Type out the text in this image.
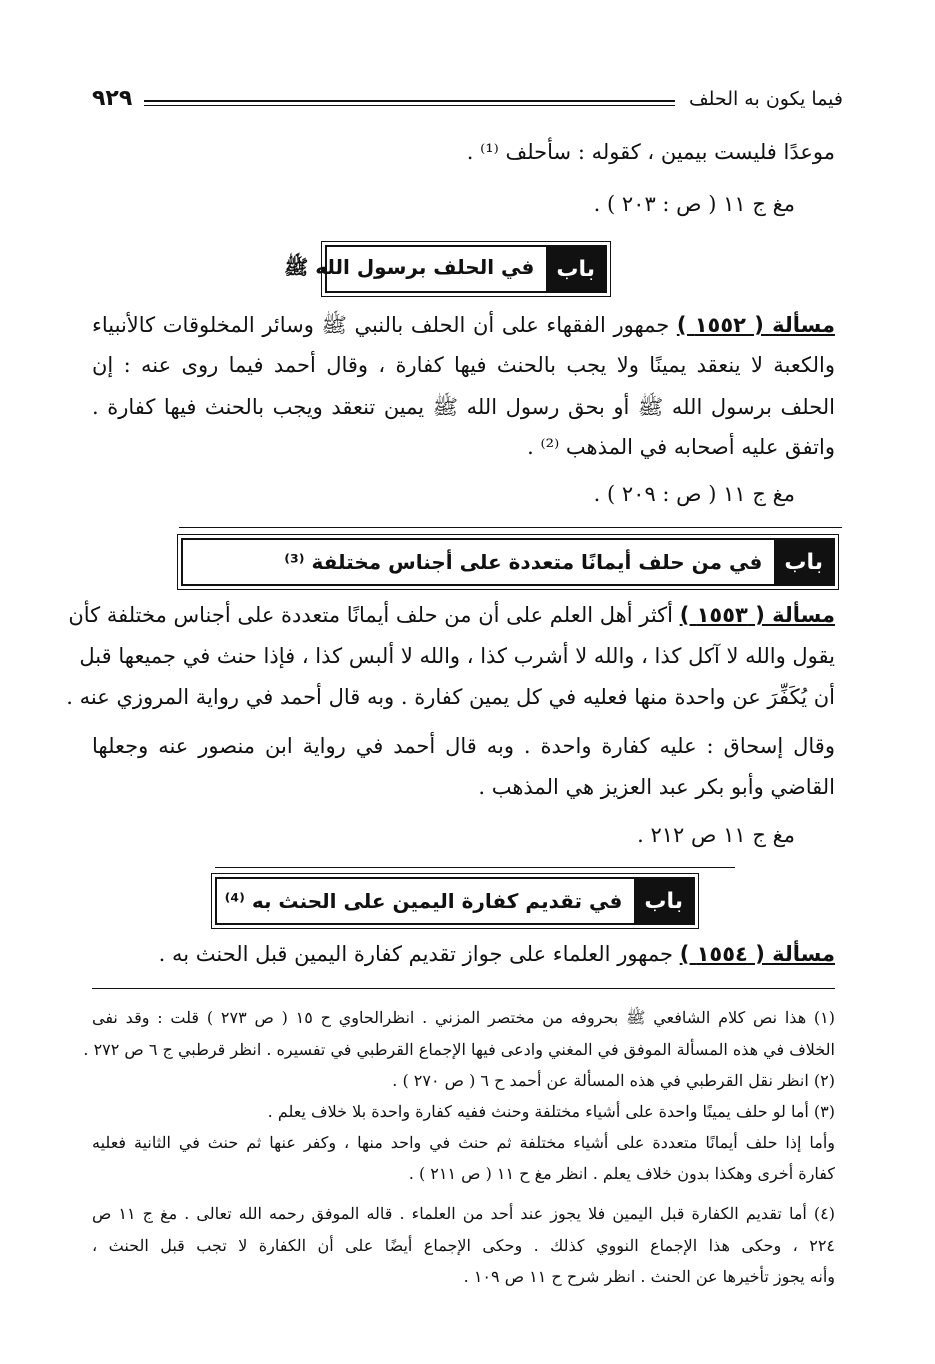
فيما يكون به الحلف
٩٢٩
موعدًا فليست بيمين ، كقوله : سأحلف ⁽¹⁾ .
مغ ج ١١ ( ص : ٢٠٣ ) .
باب
في الحلف برسول الله ﷺ
مسألة ( ١٥٥٢ ) جمهور الفقهاء على أن الحلف بالنبي ﷺ وسائر المخلوقات كالأنبياء
والكعبة لا ينعقد يمينًا ولا يجب بالحنث فيها كفارة ، وقال أحمد فيما روى عنه : إن
الحلف برسول الله ﷺ أو بحق رسول الله ﷺ يمين تنعقد ويجب بالحنث فيها كفارة .
واتفق عليه أصحابه في المذهب ⁽²⁾ .
مغ ج ١١ ( ص : ٢٠٩ ) .
باب
في من حلف أيمانًا متعددة على أجناس مختلفة ⁽³⁾
مسألة ( ١٥٥٣ ) أكثر أهل العلم على أن من حلف أيمانًا متعددة على أجناس مختلفة كأن
يقول والله لا آكل كذا ، والله لا أشرب كذا ، والله لا ألبس كذا ، فإذا حنث في جميعها قبل
أن يُكَفِّرَ عن واحدة منها فعليه في كل يمين كفارة . وبه قال أحمد في رواية المروزي عنه .
وقال إسحاق : عليه كفارة واحدة . وبه قال أحمد في رواية ابن منصور عنه وجعلها
القاضي وأبو بكر عبد العزيز هي المذهب .
مغ ج ١١ ص ٢١٢ .
باب
في تقديم كفارة اليمين على الحنث به ⁽⁴⁾
مسألة ( ١٥٥٤ ) جمهور العلماء على جواز تقديم كفارة اليمين قبل الحنث به .
(١) هذا نص كلام الشافعي ﷺ بحروفه من مختصر المزني . انظرالحاوي ح ١٥ ( ص ٢٧٣ ) قلت : وقد نفى
الخلاف في هذه المسألة الموفق في المغني وادعى فيها الإجماع القرطبي في تفسيره . انظر قرطبي ج ٦ ص ٢٧٢ .
(٢) انظر نقل القرطبي في هذه المسألة عن أحمد ح ٦ ( ص ٢٧٠ ) .
(٣) أما لو حلف يمينًا واحدة على أشياء مختلفة وحنث ففيه كفارة واحدة بلا خلاف يعلم .
وأما إذا حلف أيمانًا متعددة على أشياء مختلفة ثم حنث في واحد منها ، وكفر عنها ثم حنث في الثانية فعليه
كفارة أخرى وهكذا بدون خلاف يعلم . انظر مغ ح ١١ ( ص ٢١١ ) .
(٤) أما تقديم الكفارة قبل اليمين فلا يجوز عند أحد من العلماء . قاله الموفق رحمه الله تعالى . مغ ج ١١ ص
٢٢٤ ، وحكى هذا الإجماع النووي كذلك . وحكى الإجماع أيضًا على أن الكفارة لا تجب قبل الحنث ،
وأنه يجوز تأخيرها عن الحنث . انظر شرح ح ١١ ص ١٠٩ .
